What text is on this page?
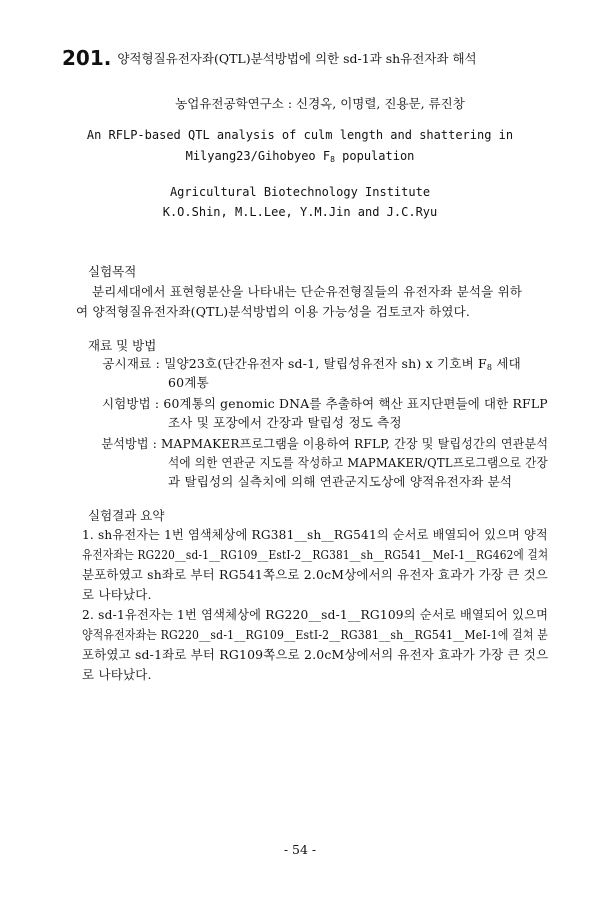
201. 양적형질유전자좌(QTL)분석방법에 의한 sd-1과 sh유전자좌 해석
농업유전공학연구소 : 신경옥, 이명렬, 진용문, 류진창
An RFLP-based QTL analysis of culm length and shattering in
Milyang23/Gihobyeo $F_8$ population
Agricultural Biotechnology Institute
K.O.Shin, M.L.Lee, Y.M.Jin and J.C.Ryu
실험목적
분리세대에서 표현형분산을 나타내는 단순유전형질들의 유전자좌 분석을 위하
여 양적형질유전자좌(QTL)분석방법의 이용 가능성을 검토코자 하였다.
재료 및 방법
공시재료 : 밀양23호(단간유전자 sd-1, 탈립성유전자 sh) x 기호벼 $F_8$ 세대
60계통
시험방법 : 60계통의 genomic DNA를 추출하여 핵산 표지단편들에 대한 RFLP
조사 및 포장에서 간장과 탈립성 정도 측정
분석방법 : MAPMAKER프로그램을 이용하여 RFLP, 간장 및 탈립성간의 연관분석
석에 의한 연관군 지도를 작성하고 MAPMAKER/QTL프로그램으로 간장
과 탈립성의 실측치에 의해 연관군지도상에 양적유전자좌 분석
실험결과 요약
1. sh유전자는 1번 염색체상에 RG381__sh__RG541의 순서로 배열되어 있으며 양적
유전자좌는 RG220__sd-1__RG109__EstI-2__RG381__sh__RG541__MeI-1__RG462에 걸쳐
분포하였고 sh좌로 부터 RG541쪽으로 2.0cM상에서의 유전자 효과가 가장 큰 것으
로 나타났다.
2. sd-1유전자는 1번 염색체상에 RG220__sd-1__RG109의 순서로 배열되어 있으며
양적유전자좌는 RG220__sd-1__RG109__EstI-2__RG381__sh__RG541__MeI-1에 걸쳐 분
포하였고 sd-1좌로 부터 RG109쪽으로 2.0cM상에서의 유전자 효과가 가장 큰 것으
로 나타났다.
- 54 -
